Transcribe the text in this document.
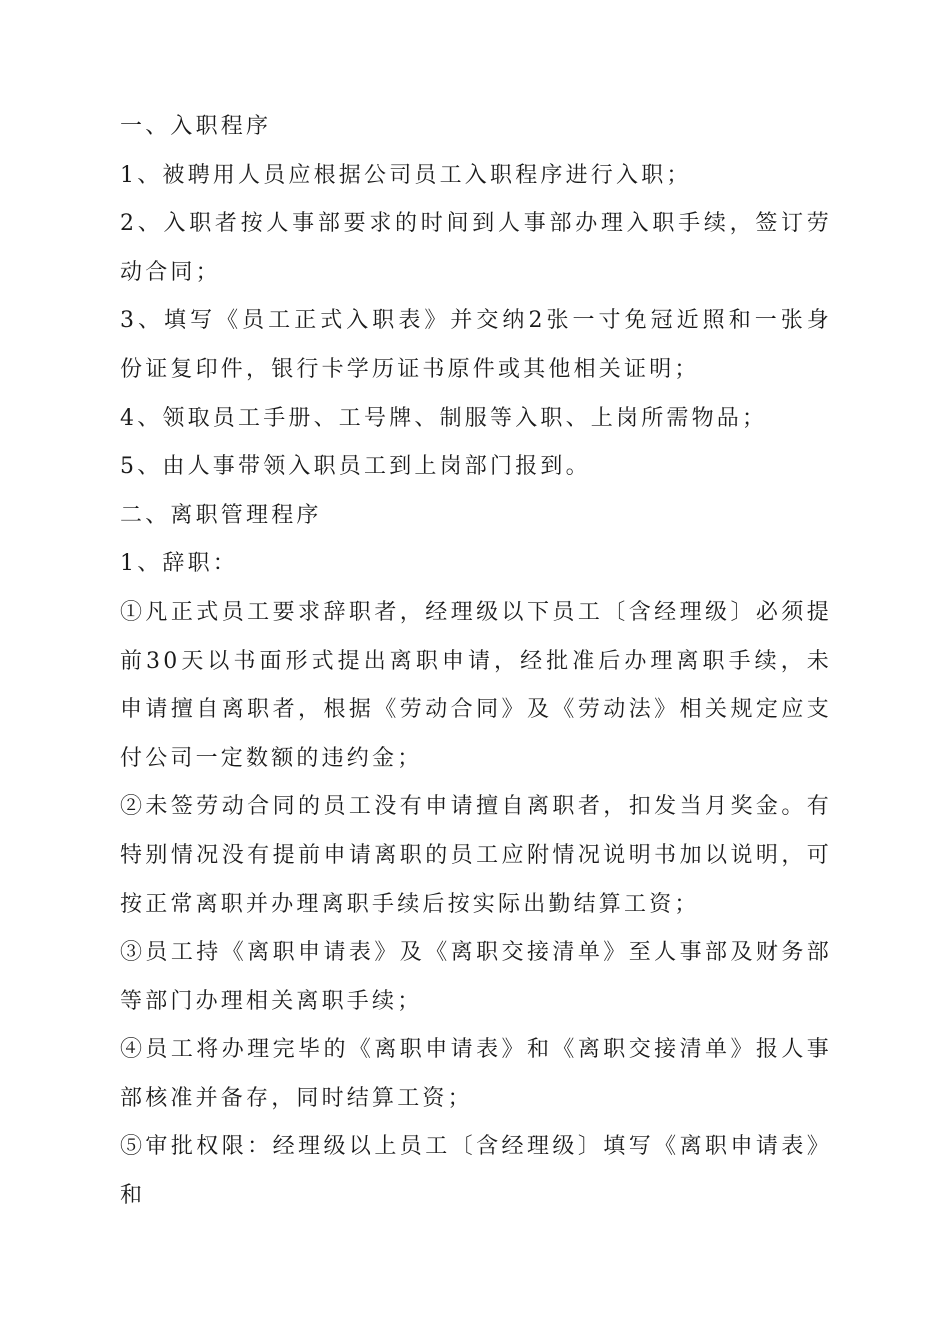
一、入职程序

1、被聘用人员应根据公司员工入职程序进行入职；

2、入职者按人事部要求的时间到人事部办理入职手续，签订劳动合同；

3、填写《员工正式入职表》并交纳2张一寸免冠近照和一张身份证复印件，银行卡学历证书原件或其他相关证明；

4、领取员工手册、工号牌、制服等入职、上岗所需物品；

5、由人事带领入职员工到上岗部门报到。

二、离职管理程序

1、辞职：

①凡正式员工要求辞职者，经理级以下员工〔含经理级〕必须提前30天以书面形式提出离职申请，经批准后办理离职手续，未申请擅自离职者，根据《劳动合同》及《劳动法》相关规定应支付公司一定数额的违约金；

②未签劳动合同的员工没有申请擅自离职者，扣发当月奖金。有特别情况没有提前申请离职的员工应附情况说明书加以说明，可按正常离职并办理离职手续后按实际出勤结算工资；

③员工持《离职申请表》及《离职交接清单》至人事部及财务部等部门办理相关离职手续；

④员工将办理完毕的《离职申请表》和《离职交接清单》报人事部核准并备存，同时结算工资；

⑤审批权限：经理级以上员工〔含经理级〕填写《离职申请表》和
